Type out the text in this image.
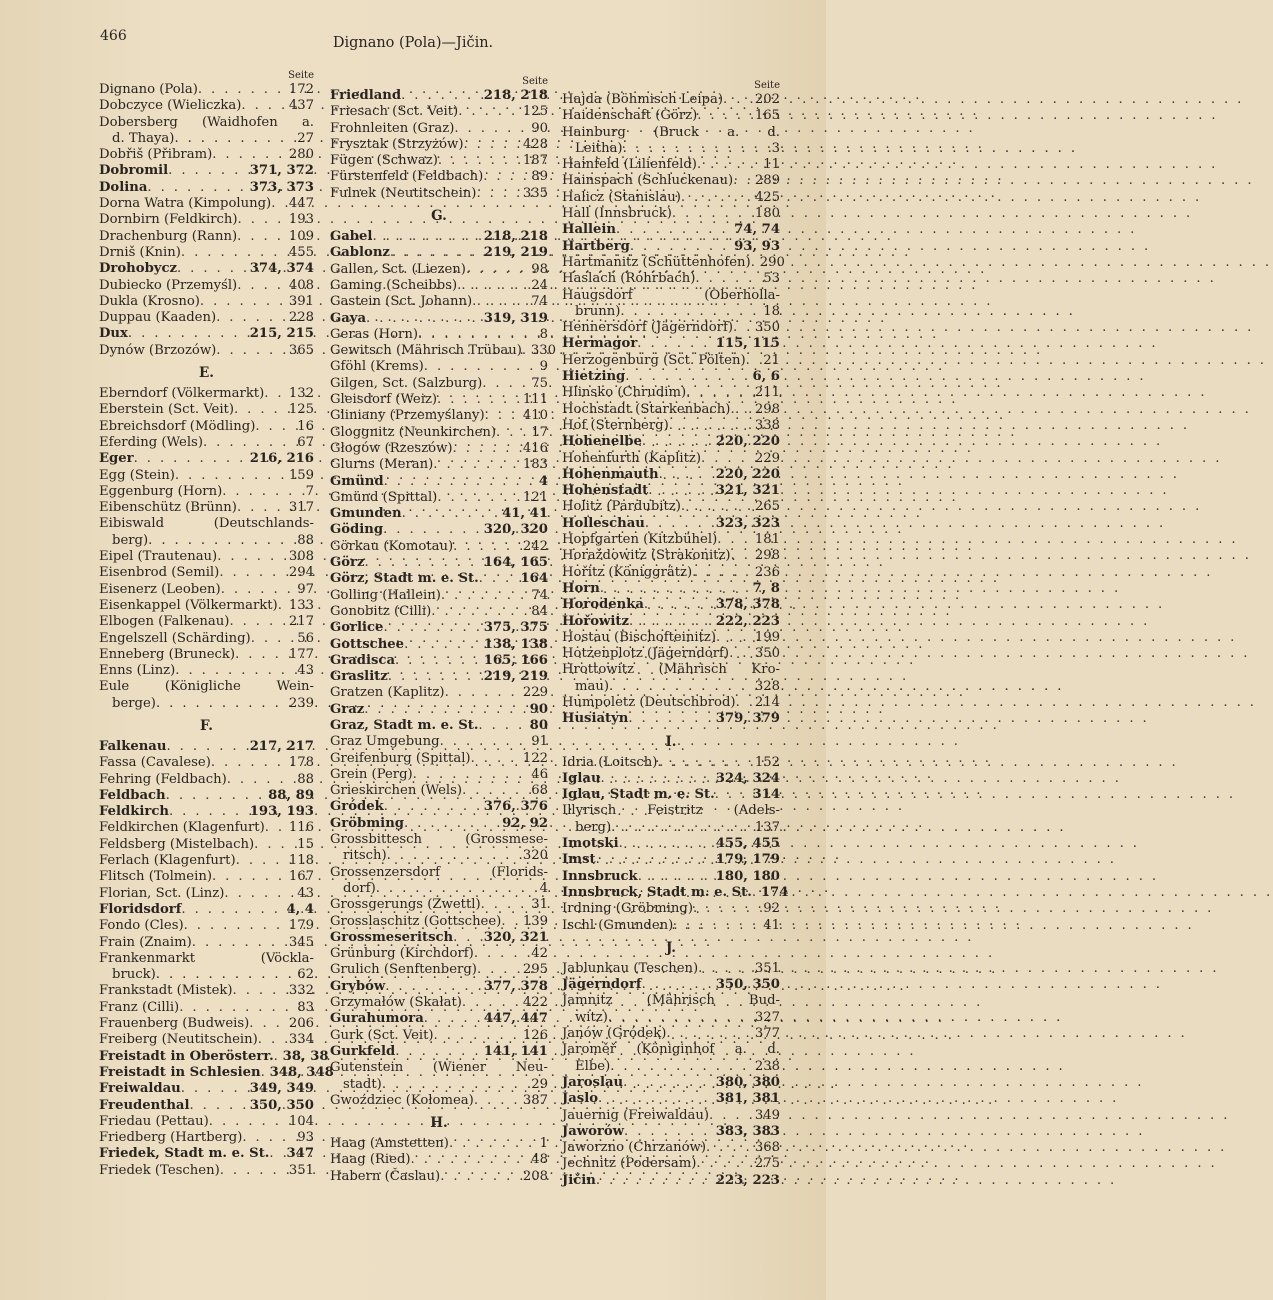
466	Dignano (Pola)—Jičin.
Seite
Dignano (Pola) . . .	172
Dobczyce (Wieliczka) . . .	437
Dobersberg (Waidhofen a.
d. Thaya) . . .	27
Dobřiš (Přibram) . . .	280
Dobromil . . .	371, 372
Dolina . . .	373, 373
Dorna Watra (Kimpolung) . . . 447
Dornbirn (Feldkirch) . . .	193
Drachenburg (Rann) . . .	109
Drniš (Knin) . . .	455
Drohobycz . . .	374, 374
Dubiecko (Przemyśl) . . .	408
Dukla (Krosno) . . .	391
Duppau (Kaaden) . . .	228
Dux . . .	215, 215
Dynów (Brzozów) . . .	365
E.
Eberndorf (Völkermarkt) . . . 132
Eberstein (Sct. Veit) . . .	125
Ebreichsdorf (Mödling) . . .	16
Eferding (Wels) . . .	67
Eger . . .	216, 216
Egg (Stein) . . .	159
Eggenburg (Horn) . . .	7
Eibenschütz (Brünn) . . .	317
Eibiswald (Deutschlands-
berg) . . .	88
Eipel (Trautenau) . . .	308
Eisenbrod (Semil) . . .	294
Eisenerz (Leoben) . . .	97
Eisenkappel (Völkermarkt) . . . 133
Elbogen (Falkenau) . . .	217
Engelszell (Schärding) . . .	56
Enneberg (Bruneck) . . .	177
Enns (Linz) . . .	43
Eule (Königliche Wein-
berge) . . .	239
F.
Falkenau . . .	217, 217
Fassa (Cavalese) . . .	178
Fehring (Feldbach) . . .	88
Feldbach . . .	88, 89
Feldkirch . . .	193, 193
Feldkirchen (Klagenfurt) . . . 116
Feldsberg (Mistelbach) . . .	15
Ferlach (Klagenfurt) . . .	118
Flitsch (Tolmein) . . .	167
Florian, Sct. (Linz) . . .	43
Floridsdorf . . .	4, 4
Fondo (Cles) . . .	179
Frain (Znaim) . . .	345
Frankenmarkt (Vöckla-
bruck) . . .	62
Frankstadt (Mistek) . . .	332
Franz (Cilli) . . .	83
Frauenberg (Budweis) . . .	206
Freiberg (Neutitschein) . . . 334
Freistadt in Oberösterr. . . . 38, 38
Freistadt in Schlesien . . . 348, 348
Freiwaldau . . .	349, 349
Freudenthal . . .	350, 350
Friedau (Pettau) . . .	104
Friedberg (Hartberg) . . .	93
Friedek, Stadt m. e. St. . . . 347
Friedek (Teschen) . . .	351
Seite
Friedland . . .	218, 218
Friesach (Sct. Veit) . . .	125
Frohnleiten (Graz) . . .	90
Frysztak (Strzyżów) . . .	428
Fügen (Schwaz) . . .	187
Fürstenfeld (Feldbach) . . .	89
Fulnek (Neutitschein) . . .	335
G.
Gabel . . .	218, 218
Gablonz . . .	219, 219
Gallen, Sct. (Liezen) . . .	98
Gaming (Scheibbs) . . .	24
Gastein (Sct. Johann) . . .	74
Gaya . . .	319, 319
Geras (Horn) . . .	8
Gewitsch (Mährisch Trübau) . . . 330
Gföhl (Krems) . . .	9
Gilgen, Sct. (Salzburg) . . .	75
Gleisdorf (Weiz) . . .	111
Gliniany (Przemyślany) . . .	410
Gloggnitz (Neunkirchen) . . .	17
Głogów (Rzeszów) . . .	416
Glurns (Meran) . . .	183
Gmünd . . .	4
Gmünd (Spittal) . . .	121
Gmunden . . .	41, 41
Göding . . .	320, 320
Görkau (Komotau) . . .	242
Görz . . .	164, 165
Görz, Stadt m. e. St. . . .	164
Golling (Hallein) . . .	74
Gonobitz (Cilli) . . .	84
Gorlice . . .	375, 375
Gottschee . . .	138, 138
Gradisca . . .	165, 166
Graslitz . . .	219, 219
Gratzen (Kaplitz) . . .	229
Graz . . .	90
Graz, Stadt m. e. St. . . .	80
Graz Umgebung . . .	91
Greifenburg (Spittal) . . .	122
Grein (Perg) . . .	46
Grieskirchen (Wels) . . .	68
Gródek . . .	376, 376
Gröbming . . .	92, 92
Grossbittesch (Grossmese-
ritsch) . . .	320
Grossenzersdorf (Florids-
dorf) . . .	4
Grossgerungs (Zwettl) . . .	31
Grosslaschitz (Gottschee) . . . 139
Grossmeseritsch . . . 320, 321
Grünburg (Kirchdorf) . . .	42
Grulich (Senftenberg) . . .	295
Grybów . . .	377, 378
Grzymałów (Skałat) . . .	422
Gurahumora . . .	447, 447
Gurk (Sct. Veit) . . .	126
Gurkfeld . . .	141, 141
Gutenstein (Wiener Neu-
stadt) . . .	29
Gwoździec (Kołomea) . . .	387
H.
Haag (Amstetten) . . .	1
Haag (Ried) . . .	48
Habern (Časlau) . . .	208
Seite
Hajda (Böhmisch Leipa) . . . 202
Haidenschaft (Görz) . . .	165
Hainburg (Bruck a. d.
Leitha) . . .	3
Hainfeld (Lilienfeld) . . .	11
Hainspach (Schluckenau) . . . 289
Halicz (Stanislau) . . .	425
Hall (Innsbruck) . . .	180
Hallein . . .	74, 74
Hartberg . . .	93, 93
Hartmanitz (Schüttenhofen) . . . 290
Haslach (Rohrbach) . . .	53
Haugsdorf (Oberholla-
brunn) . . .	18
Hennersdorf (Jägerndorf) . . . 350
Hermagor . . .	115, 115
Herzogenburg (Sct. Pölten) . . . 21
Hietzing . . .	6, 6
Hlinsko (Chrudim) . . .	211
Hochstadt (Starkenbach) . . . 298
Hof (Sternberg) . . .	338
Hohenelbe . . .	220, 220
Hohenfurth (Kaplitz) . . .	229
Hohenmauth . . .	220, 220
Hohenstadt . . .	321, 321
Holitz (Pardubitz) . . .	265
Holleschau . . .	323, 323
Hopfgarten (Kitzbühel) . . .	181
Horaždowitz (Strakonitz) . . . 298
Hořitz (Königgrätz) . . .	236
Horn . . .	7, 8
Horodenka . . .	378, 378
Hořowitz . . .	222, 223
Hostau (Bischofteinitz) . . .	199
Hotzenplotz (Jägerndorf) . . . 350
Hrottowitz (Mährisch Kro-
mau) . . .	328
Humpoletz (Deutschbrod) . . . 214
Husiatyn . . .	379, 379
I.
Idria (Loitsch) . . .	152
Iglau . . .	324, 324
Iglau, Stadt m. e. St. . . .	314
Illyrisch Feistritz (Adels-
berg) . . .	137
Imotski . . .	455, 455
Imst . . .	179, 179
Innsbruck . . .	180, 180
Innsbruck, Stadt m. e. St. . . . 174
Irdning (Gröbming) . . .	92
Ischl (Gmunden) . . .	41
J.
Jablunkau (Teschen) . . .	351
Jägerndorf . . .	350, 350
Jamnitz (Mährisch Bud-
witz) . . .	327
Janów (Gródek) . . .	377
Jaroměř (Königinhof a. d.
Elbe) . . .	238
Jaroslau . . .	380, 380
Jaslo . . .	381, 381
Jauernig (Freiwaldau) . . .	349
Jaworów . . .	383, 383
Jaworzno (Chrzanów) . . .	368
Jechnitz (Podersam) . . .	275
Jičin . . .	223, 223
